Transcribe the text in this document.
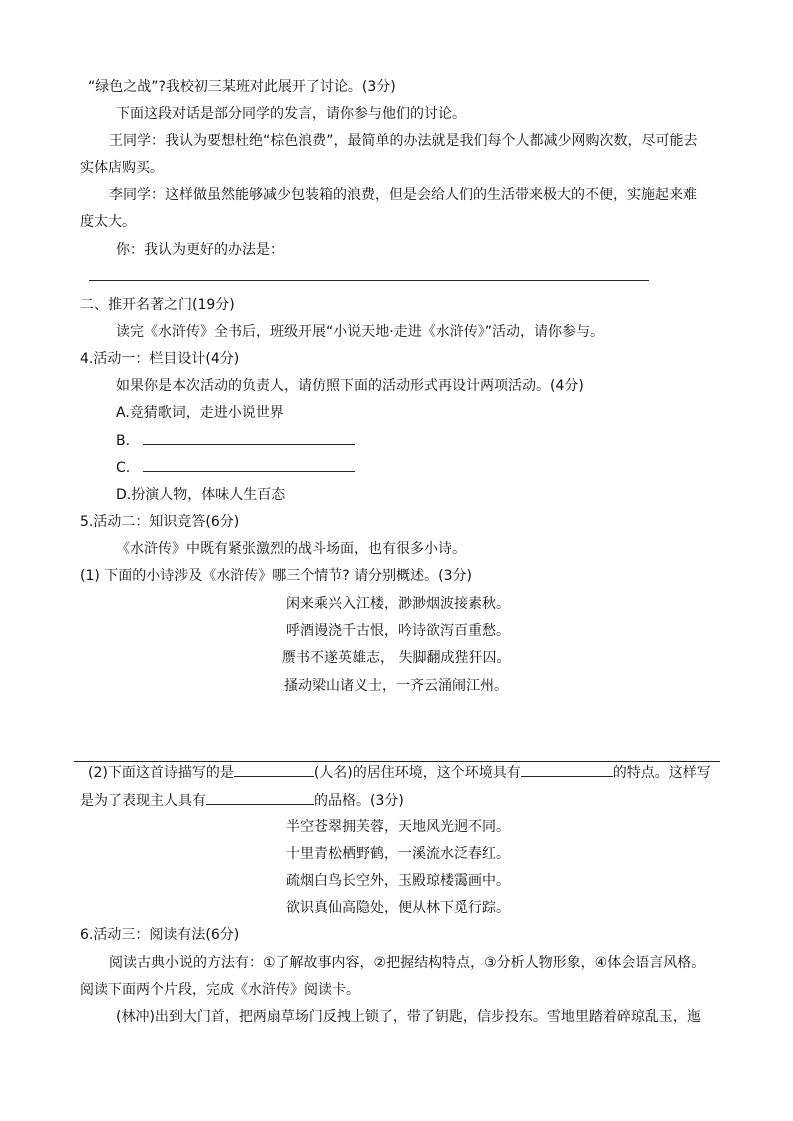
“绿色之战”?我校初三某班对此展开了讨论。(3分)
下面这段对话是部分同学的发言，请你参与他们的讨论。
王同学：我认为要想杜绝“棕色浪费”，最简单的办法就是我们每个人都减少网购次数，尽可能去
实体店购买。
李同学：这样做虽然能够减少包装箱的浪费，但是会给人们的生活带来极大的不便，实施起来难
度太大。
你：我认为更好的办法是：
二、推开名著之门(19分)
读完《水浒传》全书后，班级开展“小说天地·走进《水浒传》”活动，请你参与。
4.活动一：栏目设计(4分)
如果你是本次活动的负责人，请仿照下面的活动形式再设计两项活动。(4分)
A.竞猜歌词，走进小说世界
B.
C.
D.扮演人物，体味人生百态
5.活动二：知识竞答(6分)
《水浒传》中既有紧张激烈的战斗场面，也有很多小诗。
(1) 下面的小诗涉及《水浒传》哪三个情节? 请分别概述。(3分)
闲来乘兴入江楼，渺渺烟波接素秋。
呼酒谩浇千古恨，吟诗欲泻百重愁。
赝书不遂英雄志， 失脚翻成狴犴囚。
搔动梁山诸义士，一齐云涌闹江州。
(2)下面这首诗描写的是	(人名)的居住环境，这个环境具有	的特点。这样写
是为了表现主人具有	的品格。(3分)
半空苍翠拥芙蓉，天地风光迥不同。
十里青松栖野鹤，一溪流水泛春红。
疏烟白鸟长空外，玉殿琼楼霭画中。
欲识真仙高隐处，便从林下觅行踪。
6.活动三：阅读有法(6分)
阅读古典小说的方法有：①了解故事内容，②把握结构特点，③分析人物形象，④体会语言风格。
阅读下面两个片段，完成《水浒传》阅读卡。
(林冲)出到大门首，把两扇草场门反拽上锁了，带了钥匙，信步投东。雪地里踏着碎琼乱玉，迤
